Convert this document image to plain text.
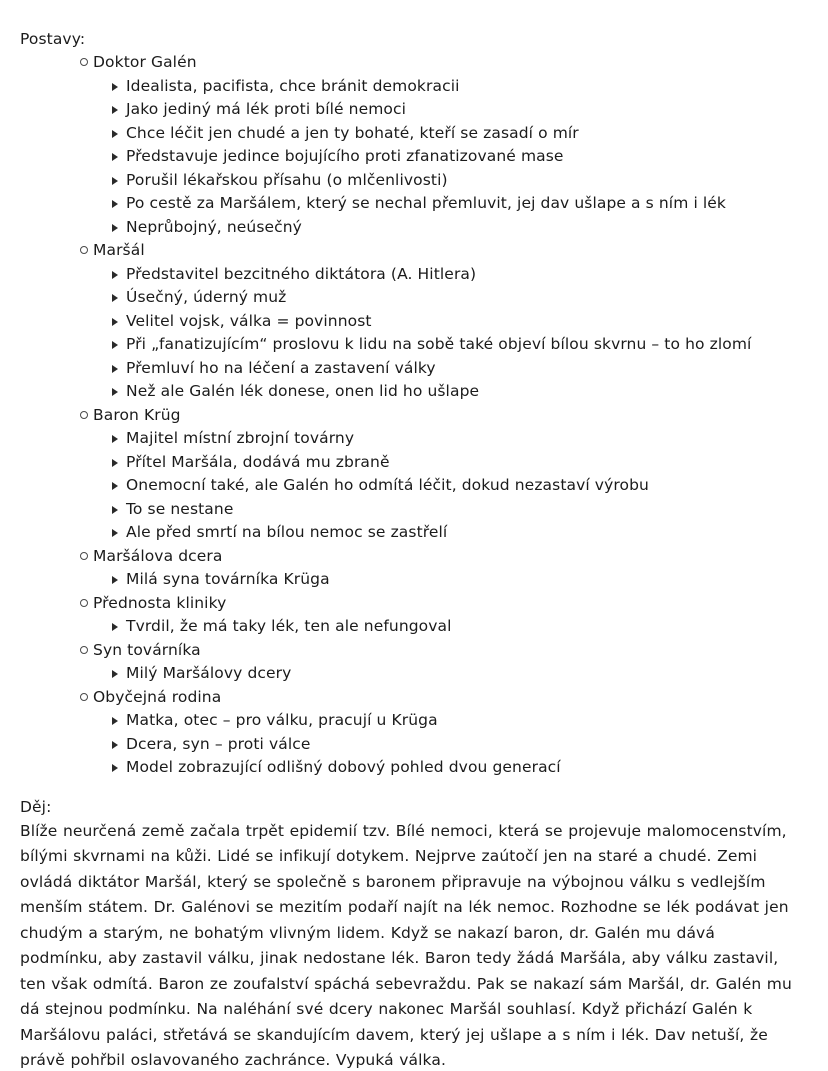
Postavy:
Doktor Galén
Idealista, pacifista, chce bránit demokracii
Jako jediný má lék proti bílé nemoci
Chce léčit jen chudé a jen ty bohaté, kteří se zasadí o mír
Představuje jedince bojujícího proti zfanatizované mase
Porušil lékařskou přísahu (o mlčenlivosti)
Po cestě za Maršálem, který se nechal přemluvit, jej dav ušlape a s ním i lék
Neprůbojný, neúsečný
Maršál
Představitel bezcitného diktátora (A. Hitlera)
Úsečný, úderný muž
Velitel vojsk, válka = povinnost
Při „fanatizujícím“ proslovu k lidu na sobě také objeví bílou skvrnu – to ho zlomí
Přemluví ho na léčení a zastavení války
Než ale Galén lék donese, onen lid ho ušlape
Baron Krüg
Majitel místní zbrojní továrny
Přítel Maršála, dodává mu zbraně
Onemocní také, ale Galén ho odmítá léčit, dokud nezastaví výrobu
To se nestane
Ale před smrtí na bílou nemoc se zastřelí
Maršálova dcera
Milá syna továrníka Krüga
Přednosta kliniky
Tvrdil, že má taky lék, ten ale nefungoval
Syn továrníka
Milý Maršálovy dcery
Obyčejná rodina
Matka, otec – pro válku, pracují u Krüga
Dcera, syn – proti válce
Model zobrazující odlišný dobový pohled dvou generací
Děj:

Blíže neurčená země začala trpět epidemií tzv. Bílé nemoci, která se projevuje malomocenstvím, bílými skvrnami na kůži. Lidé se infikují dotykem. Nejprve zaútočí jen na staré a chudé. Zemi ovládá diktátor Maršál, který se společně s baronem připravuje na výbojnou válku s vedlejším menším státem. Dr. Galénovi se mezitím podaří najít na lék nemoc. Rozhodne se lék podávat jen chudým a starým, ne bohatým vlivným lidem. Když se nakazí baron, dr. Galén mu dává podmínku, aby zastavil válku, jinak nedostane lék. Baron tedy žádá Maršála, aby válku zastavil, ten však odmítá. Baron ze zoufalství spáchá sebevraždu. Pak se nakazí sám Maršál, dr. Galén mu dá stejnou podmínku. Na naléhání své dcery nakonec Maršál souhlasí. Když přichází Galén k Maršálovu paláci, střetává se skandujícím davem, který jej ušlape a s ním i lék. Dav netuší, že právě pohřbil oslavovaného zachránce. Vypuká válka.
